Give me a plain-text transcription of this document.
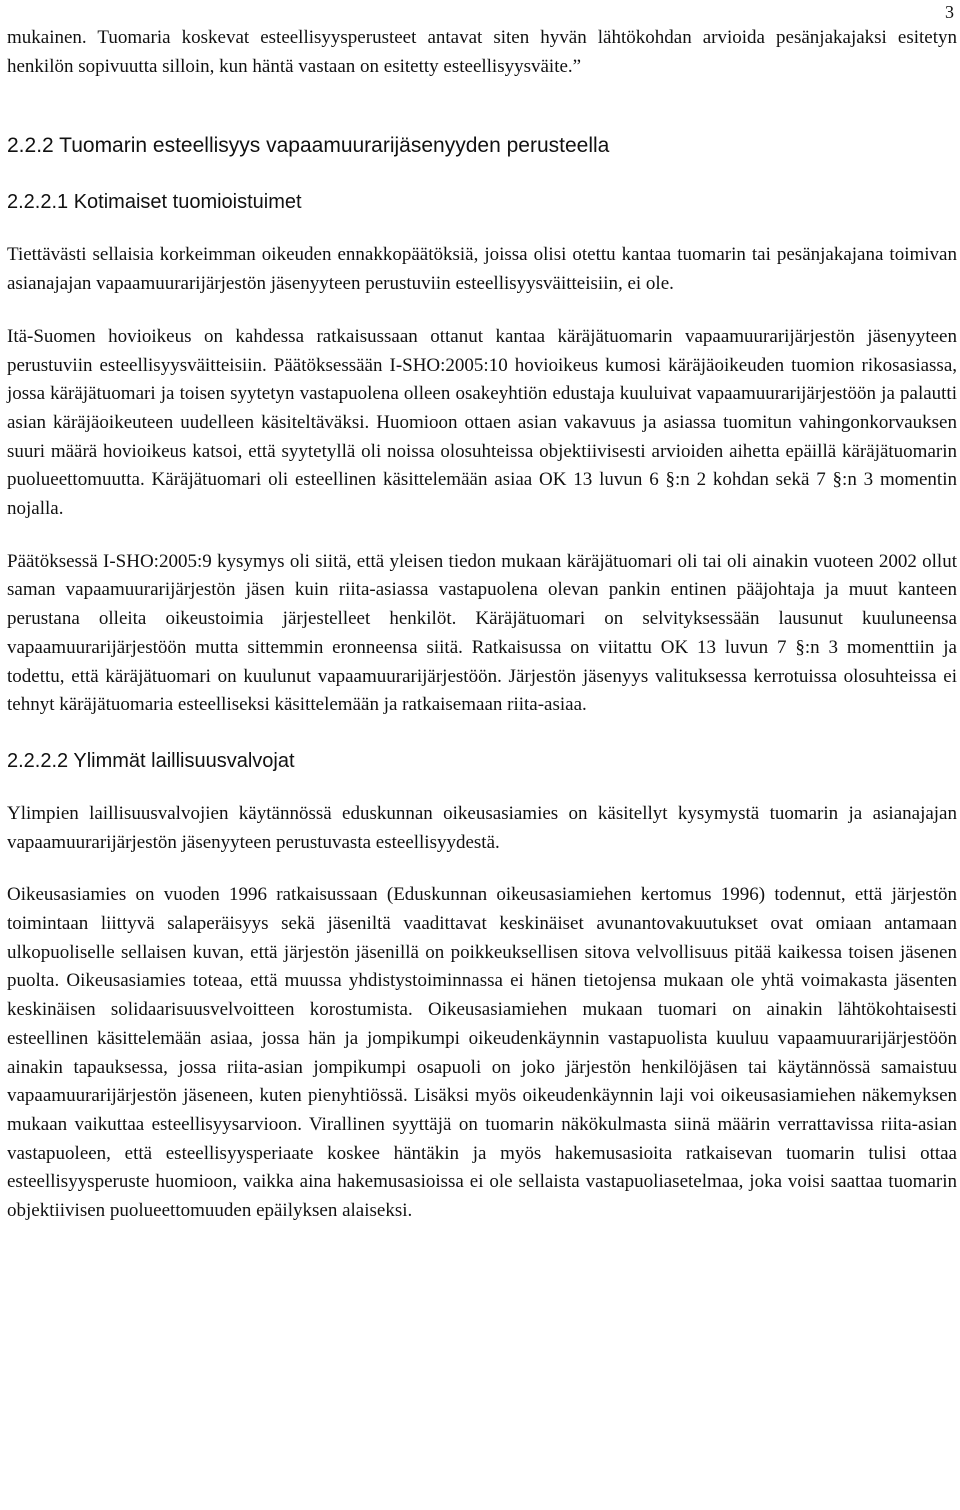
3

mukainen. Tuomaria koskevat esteellisyysperusteet antavat siten hyvän lähtökohdan arvioida pesänjakajaksi esitetyn henkilön sopivuutta silloin, kun häntä vastaan on esitetty esteellisyysväite.”

2.2.2 Tuomarin esteellisyys vapaamuurarijäsenyyden perusteella
2.2.2.1 Kotimaiset tuomioistuimet

Tiettävästi sellaisia korkeimman oikeuden ennakkopäätöksiä, joissa olisi otettu kantaa tuomarin tai pesänjakajana toimivan asianajajan vapaamuurarijärjestön jäsenyyteen perustuviin esteellisyysväitteisiin, ei ole.

Itä-Suomen hovioikeus on kahdessa ratkaisussaan ottanut kantaa käräjätuomarin vapaamuurarijärjestön jäsenyyteen perustuviin esteellisyysväitteisiin. Päätöksessään I-SHO:2005:10 hovioikeus kumosi käräjäoikeuden tuomion rikosasiassa, jossa käräjätuomari ja toisen syytetyn vastapuolena olleen osakeyhtiön edustaja kuuluivat vapaamuurarijärjestöön ja palautti asian käräjäoikeuteen uudelleen käsiteltäväksi. Huomioon ottaen asian vakavuus ja asiassa tuomitun vahingonkorvauksen suuri määrä hovioikeus katsoi, että syytetyllä oli noissa olosuhteissa objektiivisesti arvioiden aihetta epäillä käräjätuomarin puolueettomuutta. Käräjätuomari oli esteellinen käsittelemään asiaa OK 13 luvun 6 §:n 2 kohdan sekä 7 §:n 3 momentin nojalla.

Päätöksessä I-SHO:2005:9 kysymys oli siitä, että yleisen tiedon mukaan käräjätuomari oli tai oli ainakin vuoteen 2002 ollut saman vapaamuurarijärjestön jäsen kuin riita-asiassa vastapuolena olevan pankin entinen pääjohtaja ja muut kanteen perustana olleita oikeustoimia järjestelleet henkilöt. Käräjätuomari on selvityksessään lausunut kuuluneensa vapaamuurarijärjestöön mutta sittemmin eronneensa siitä. Ratkaisussa on viitattu OK 13 luvun 7 §:n 3 momenttiin ja todettu, että käräjätuomari on kuulunut vapaamuurarijärjestöön. Järjestön jäsenyys valituksessa kerrotuissa olosuhteissa ei tehnyt käräjätuomaria esteelliseksi käsittelemään ja ratkaisemaan riita-asiaa.

2.2.2.2 Ylimmät laillisuusvalvojat

Ylimpien laillisuusvalvojien käytännössä eduskunnan oikeusasiamies on käsitellyt kysymystä tuomarin ja asianajajan vapaamuurarijärjestön jäsenyyteen perustuvasta esteellisyydestä.

Oikeusasiamies on vuoden 1996 ratkaisussaan (Eduskunnan oikeusasiamiehen kertomus 1996) todennut, että järjestön toimintaan liittyvä salaperäisyys sekä jäseniltä vaadittavat keskinäiset avunantovakuutukset ovat omiaan antamaan ulkopuoliselle sellaisen kuvan, että järjestön jäsenillä on poikkeuksellisen sitova velvollisuus pitää kaikessa toisen jäsenen puolta. Oikeusasiamies toteaa, että muussa yhdistystoiminnassa ei hänen tietojensa mukaan ole yhtä voimakasta jäsenten keskinäisen solidaarisuusvelvoitteen korostumista. Oikeusasiamiehen mukaan tuomari on ainakin lähtökohtaisesti esteellinen käsittelemään asiaa, jossa hän ja jompikumpi oikeudenkäynnin vastapuolista kuuluu vapaamuurarijärjestöön ainakin tapauksessa, jossa riita-asian jompikumpi osapuoli on joko järjestön henkilöjäsen tai käytännössä samaistuu vapaamuurarijärjestön jäseneen, kuten pienyhtiössä. Lisäksi myös oikeudenkäynnin laji voi oikeusasiamiehen näkemyksen mukaan vaikuttaa esteellisyysarvioon. Virallinen syyttäjä on tuomarin näkökulmasta siinä määrin verrattavissa riita-asian vastapuoleen, että esteellisyysperiaate koskee häntäkin ja myös hakemusasioita ratkaisevan tuomarin tulisi ottaa esteellisyysperuste huomioon, vaikka aina hakemusasioissa ei ole sellaista vastapuoliasetelmaa, joka voisi saattaa tuomarin objektiivisen puolueettomuuden epäilyksen alaiseksi.
